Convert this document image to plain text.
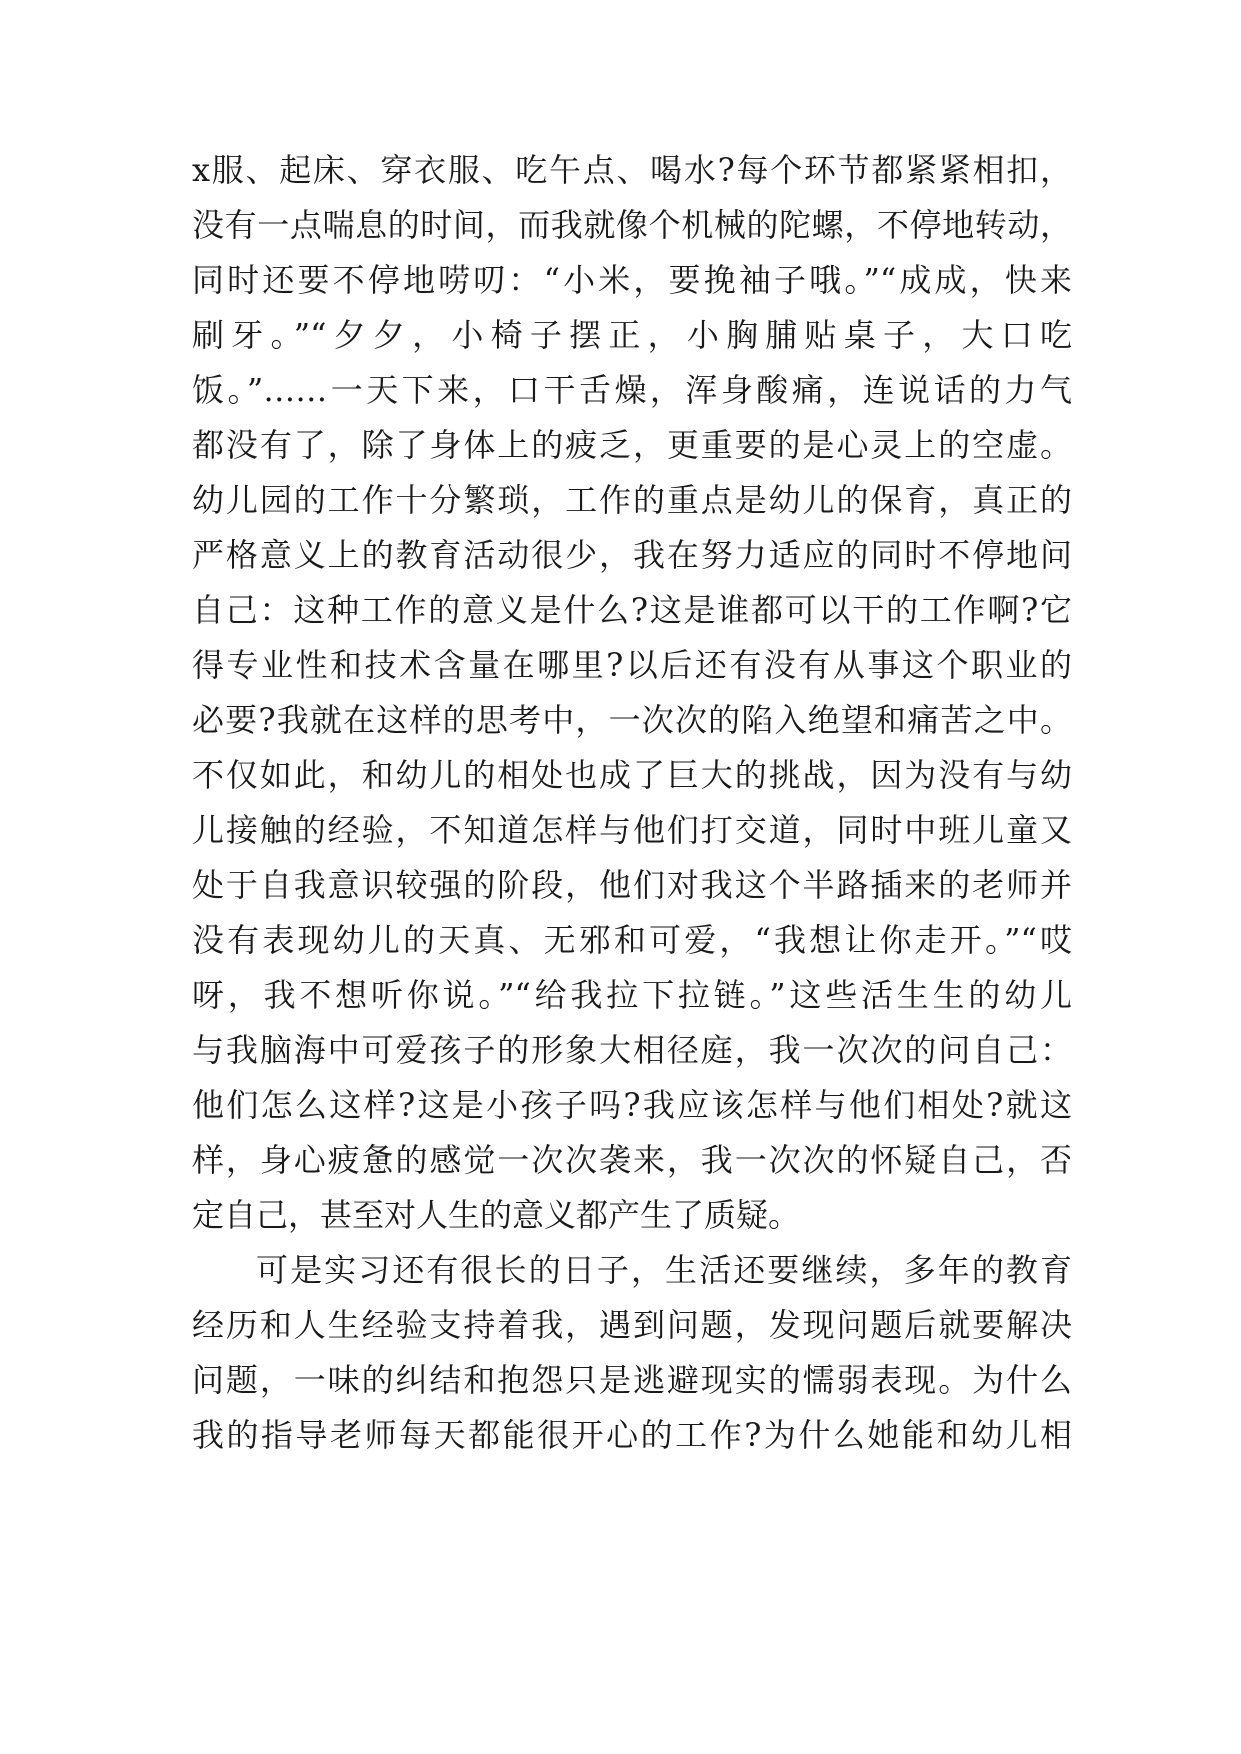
x服、起床、穿衣服、吃午点、喝水?每个环节都紧紧相扣，
没有一点喘息的时间，而我就像个机械的陀螺，不停地转动，
同时还要不停地唠叨：“小米，要挽袖子哦。”“成成，快来
刷牙。”“夕夕，小椅子摆正，小胸脯贴桌子，大口吃
饭。”……一天下来，口干舌燥，浑身酸痛，连说话的力气
都没有了，除了身体上的疲乏，更重要的是心灵上的空虚。
幼儿园的工作十分繁琐，工作的重点是幼儿的保育，真正的
严格意义上的教育活动很少，我在努力适应的同时不停地问
自己：这种工作的意义是什么?这是谁都可以干的工作啊?它
得专业性和技术含量在哪里?以后还有没有从事这个职业的
必要?我就在这样的思考中，一次次的陷入绝望和痛苦之中。
不仅如此，和幼儿的相处也成了巨大的挑战，因为没有与幼
儿接触的经验，不知道怎样与他们打交道，同时中班儿童又
处于自我意识较强的阶段，他们对我这个半路插来的老师并
没有表现幼儿的天真、无邪和可爱，“我想让你走开。”“哎
呀，我不想听你说。”“给我拉下拉链。”这些活生生的幼儿
与我脑海中可爱孩子的形象大相径庭，我一次次的问自己：
他们怎么这样?这是小孩子吗?我应该怎样与他们相处?就这
样，身心疲惫的感觉一次次袭来，我一次次的怀疑自己，否
定自己，甚至对人生的意义都产生了质疑。
可是实习还有很长的日子，生活还要继续，多年的教育
经历和人生经验支持着我，遇到问题，发现问题后就要解决
问题，一味的纠结和抱怨只是逃避现实的懦弱表现。为什么
我的指导老师每天都能很开心的工作?为什么她能和幼儿相
